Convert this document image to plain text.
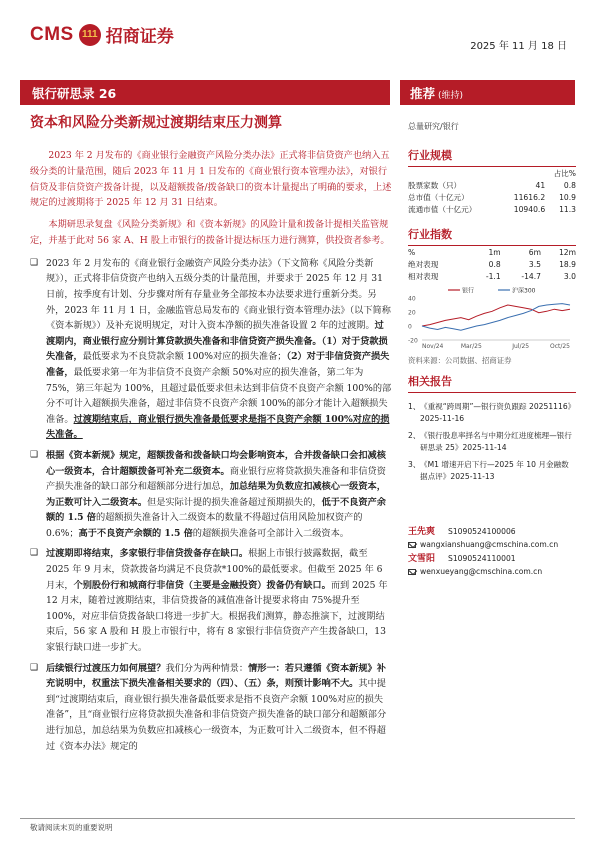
CMS 111 招商证券	2025 年 11 月 18 日
银行研思录 26	推荐 (维持)
资本和风险分类新规过渡期结束压力测算

2023 年 2 月发布的《商业银行金融资产风险分类办法》正式将非信贷资产也纳入五级分类的计量范围，随后 2023 年 11 月 1 日发布的《商业银行资本管理办法》，对银行信贷及非信贷资产拨备计提，以及超额拨备/拨备缺口的资本计量提出了明确的要求，上述规定的过渡期将于 2025 年 12 月 31 日结束。

本期研思录复盘《风险分类新规》和《资本新规》的风险计量和拨备计提相关监管规定，并基于此对 56 家 A、H 股上市银行的拨备计提达标压力进行测算，供投资者参考。

❑ 2023 年 2 月发布的《商业银行金融资产风险分类办法》（下文简称《风险分类新规》），正式将非信贷资产也纳入五级分类的计量范围，并要求于 2025 年 12 月 31 日前，按季度有计划、分步骤对所有存量业务全部按本办法要求进行重新分类。另外，2023 年 11 月 1 日，金融监管总局发布的《商业银行资本管理办法》（以下简称《资本新规》）及补充说明规定，对计入资本净额的损失准备设置 2 年的过渡期。过渡期内，商业银行应分别计算贷款损失准备和非信贷资产损失准备。（1）对于贷款损失准备，最低要求为不良贷款余额 100%对应的损失准备；（2）对于非信贷资产损失准备，最低要求第一年为非信贷不良资产余额 50%对应的损失准备，第二年为 75%，第三年起为 100%，且超过最低要求但未达到非信贷不良资产余额 100%的部分不可计入超额损失准备，超过非信贷不良资产余额 100%的部分才能计入超额损失准备。过渡期结束后，商业银行损失准备最低要求是指不良资产余额 100%对应的损失准备。
❑ 根据《资本新规》规定，超额拨备和拨备缺口均会影响资本，合并拨备缺口会扣减核心一级资本，合计超额拨备可补充二级资本。商业银行应将贷款损失准备和非信贷资产损失准备的缺口部分和超额部分进行加总，加总结果为负数应扣减核心一级资本，为正数可计入二级资本。但是实际计提的损失准备超过预期损失的，低于不良资产余额的 1.5 倍的超额损失准备计入二级资本的数量不得超过信用风险加权资产的 0.6%；高于不良资产余额的 1.5 倍的超额损失准备可全部计入二级资本。
❑ 过渡期即将结束，多家银行非信贷拨备存在缺口。根据上市银行披露数据，截至 2025 年 9 月末，贷款拨备均满足不良贷款*100%的最低要求。但截至 2025 年 6 月末，个别股份行和城商行非信贷（主要是金融投资）拨备仍有缺口。而到 2025 年 12 月末，随着过渡期结束，非信贷拨备的减值准备计提要求将由 75%提升至 100%，对应非信贷拨备缺口将进一步扩大。根据我们测算，静态推演下，过渡期结束后，56 家 A 股和 H 股上市银行中，将有 8 家银行非信贷资产产生拨备缺口，13 家银行缺口进一步扩大。
❑ 后续银行过渡压力如何展望？我们分为两种情景：情形一：若只遵循《资本新规》补充说明中，权重法下损失准备相关要求的（四）、（五）条，则预计影响不大。其中提到“过渡期结束后，商业银行损失准备最低要求是指不良资产余额 100%对应的损失准备”，且“商业银行应将贷款损失准备和非信贷资产损失准备的缺口部分和超额部分进行加总，加总结果为负数应扣减核心一级资本，为正数可计入二级资本，但不得超过《资本办法》规定的
总量研究/银行
行业规模
		占比%
股票家数（只）	41	0.8
总市值（十亿元）	11616.2	10.9
流通市值（十亿元）	10940.6	11.3
行业指数
%	1m	6m	12m
绝对表现	0.8	3.5	18.9
相对表现	-1.1	-14.7	3.0
40
20
0
-20
Nov/24	Mar/25	Jul/25	Oct/25
银行	沪深300
资料来源：公司数据、招商证券
相关报告
1、 《重视“跨周期”—银行资负跟踪 20251116》2025-11-16
2、 《银行股息率择名与中期分红进度梳理—银行研思录 25》2025-11-14
3、 《M1 增速开启下行—2025 年 10 月金融数据点评》2025-11-13
王先爽	S1090524100006
wangxianshuang@cmschina.com.cn
文雪阳	S1090524110001
wenxueyang@cmschina.com.cn
敬请阅读末页的重要说明
